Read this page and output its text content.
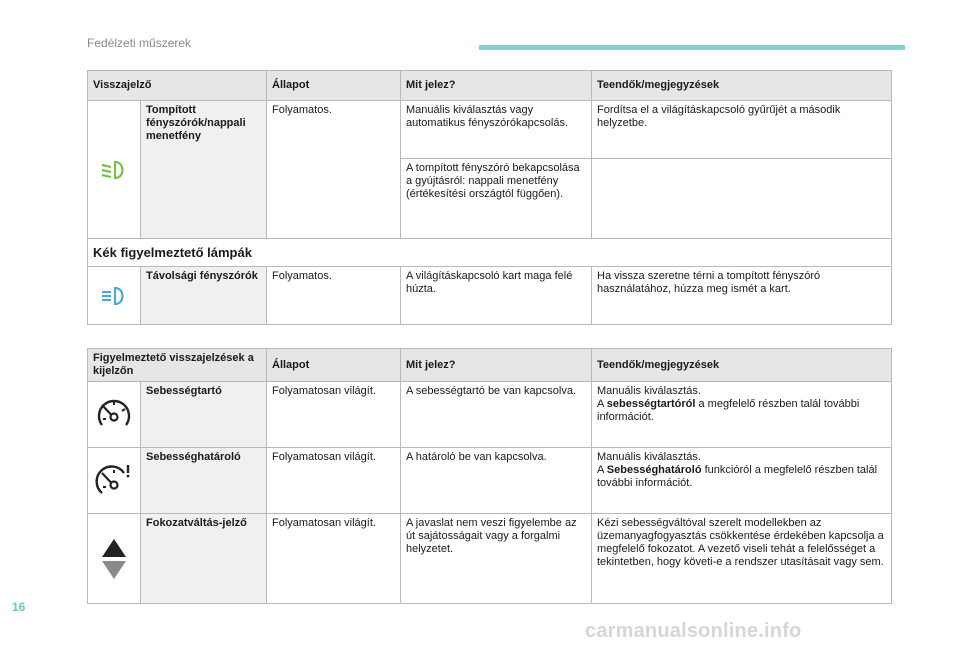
Fedélzeti műszerek
Visszajelző		Állapot	Mit jelez?	Teendők/megjegyzések

	Tompított fényszórók/nappali menetfény	Folyamatos.	Manuális kiválasztás vagy automatikus fényszórókapcsolás.	Fordítsa el a világításkapcsoló gyűrűjét a második helyzetbe.
			A tompított fényszóró bekapcsolása a gyújtásról: nappali menetfény (értékesítési országtól függően).	
Kék figyelmeztető lámpák				

	Távolsági fényszórók	Folyamatos.	A világításkapcsoló kart maga felé húzta.	Ha vissza szeretne térni a tompított fényszóró használatához, húzza meg ismét a kart.
Figyelmeztető visszajelzések a kijelzőn		Állapot	Mit jelez?	Teendők/megjegyzések

	Sebességtartó	Folyamatosan világít.	A sebességtartó be van kapcsolva.	Manuális kiválasztás.
A sebességtartóról a megfelelő részben talál további információt.

	Sebességhatároló	Folyamatosan világít.	A határoló be van kapcsolva.	Manuális kiválasztás.
A Sebességhatároló funkcióról a megfelelő részben talál további információt.

	Fokozatváltás-jelző	Folyamatosan világít.	A javaslat nem veszi figyelembe az út sajátosságait vagy a forgalmi helyzetet.	Kézi sebességváltóval szerelt modellekben az üzemanyagfogyasztás csökkentése érdekében kapcsolja a megfelelő fokozatot. A vezető viseli tehát a felelősséget a tekintetben, hogy követi-e a rendszer utasításait vagy sem.
16
carmanualsonline.info
